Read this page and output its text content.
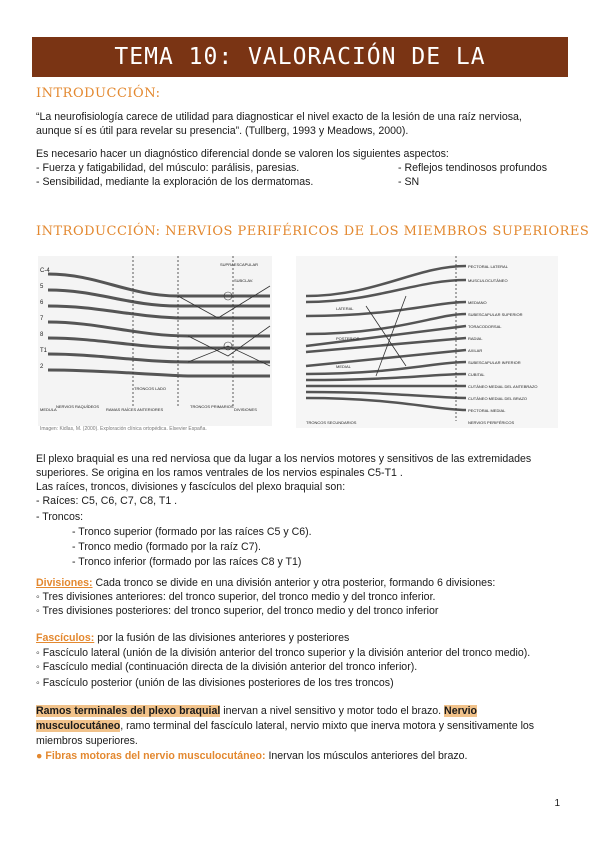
TEMA 10: VALORACIÓN DE LA SENSIBILIDAD
INTRODUCCIÓN:
“La neurofisiología carece de utilidad para diagnosticar el nivel exacto de la lesión de una raíz nerviosa,
aunque sí es útil para revelar su presencia”. (Tullberg, 1993 y Meadows, 2000).
Es necesario hacer un diagnóstico diferencial donde se valoren los siguientes aspectos:
- Fuerza y fatigabilidad, del músculo: parálisis, paresias.
- Sensibilidad, mediante la exploración de los dermatomas.
- Reflejos tendinosos profundos
- SN
INTRODUCCIÓN: NERVIOS PERIFÉRICOS DE LOS MIEMBROS SUPERIORES
C-4
5
6
7
8
T1
2
SUPRAESCAPULAR
SUBCLAV.
TRONCOS LADO
NERVIOS RAQUÍDEOS
RAMAS RAÍCES ANTERIORES
TRONCOS PRIMARIOS
DIVISIONES
MEDULA
Imagen: Kidlas, M. (2000). Exploración clínica ortopédica. Elsevier España.
PECTORAL LATERAL
MUSCULOCUTÁNEO
MEDIANO
SUBESCAPULAR SUPERIOR
TORACODORSAL
RADIAL
AXILAR
SUBESCAPULAR INFERIOR
CUBITAL
CUTÁNEO MEDIAL DEL ANTEBRAZO
CUTÁNEO MEDIAL DEL BRAZO
PECTORAL MEDIAL
LATERAL
POSTERIOR
MEDIAL
TRONCOS SECUNDARIOS	NERVIOS PERIFÉRICOS
El plexo braquial es una red nerviosa que da lugar a los nervios motores y sensitivos de las extremidades
superiores. Se origina en los ramos ventrales de los nervios espinales C5-T1 .
Las raíces, troncos, divisiones y fascículos del plexo braquial son:
- Raíces: C5, C6, C7, C8, T1 .
- Troncos:
- Tronco superior (formado por las raíces C5 y C6).
- Tronco medio (formado por la raíz C7).
- Tronco inferior (formado por las raíces C8 y T1)
Divisiones: Cada tronco se divide en una división anterior y otra posterior, formando 6 divisiones:
◦ Tres divisiones anteriores: del tronco superior, del tronco medio y del tronco inferior.
◦ Tres divisiones posteriores: del tronco superior, del tronco medio y del tronco inferior
Fascículos: por la fusión de las divisiones anteriores y posteriores
◦ Fascículo lateral (unión de la división anterior del tronco superior y la división anterior del tronco medio).
◦ Fascículo medial (continuación directa de la división anterior del tronco inferior).
◦ Fascículo posterior (unión de las divisiones posteriores de los tres troncos)
Ramos terminales del plexo braquial inervan a nivel sensitivo y motor todo el brazo. Nervio
musculocutáneo, ramo terminal del fascículo lateral, nervio mixto que inerva motora y sensitivamente los
miembros superiores.
● Fibras motoras del nervio musculocutáneo: Inervan los músculos anteriores del brazo.
1
